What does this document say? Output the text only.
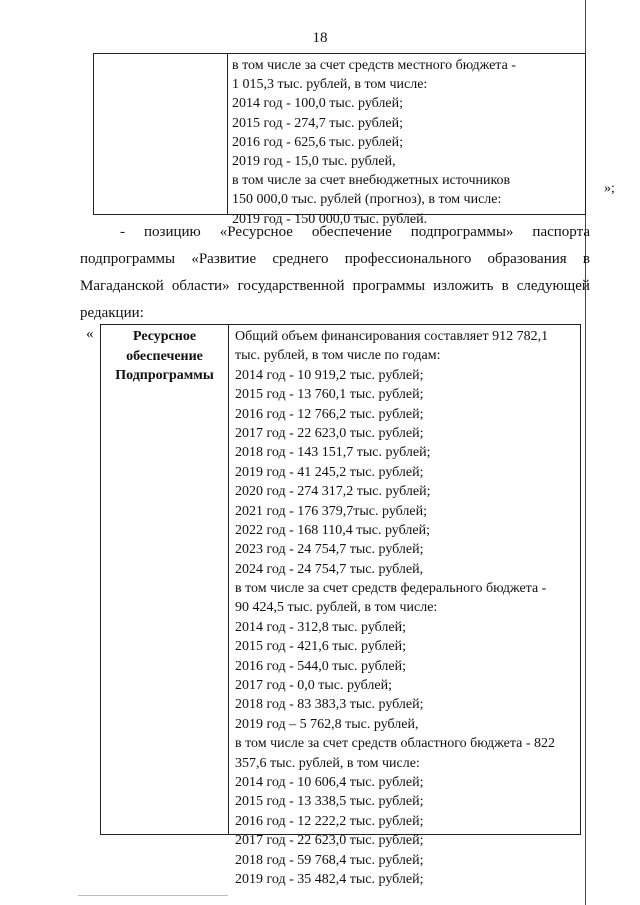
18
в том числе за счет средств местного бюджета -
1 015,3 тыс. рублей, в том числе:
2014 год - 100,0 тыс. рублей;
2015 год - 274,7 тыс. рублей;
2016 год - 625,6 тыс. рублей;
2019 год - 15,0 тыс. рублей,
в том числе за счет внебюджетных источников
150 000,0 тыс. рублей (прогноз), в том числе:
2019 год - 150 000,0 тыс. рублей.
»;
- позицию «Ресурсное обеспечение подпрограммы» паспорта
подпрограммы «Развитие среднего профессионального образования в
Магаданской области» государственной программы изложить в следующей
редакции:
«	Ресурсное
обеспечение
Подпрограммы
Общий объем финансирования составляет 912 782,1
тыс. рублей, в том числе по годам:
2014 год - 10 919,2 тыс. рублей;
2015 год - 13 760,1 тыс. рублей;
2016 год - 12 766,2 тыс. рублей;
2017 год - 22 623,0 тыс. рублей;
2018 год - 143 151,7 тыс. рублей;
2019 год - 41 245,2 тыс. рублей;
2020 год - 274 317,2 тыс. рублей;
2021 год - 176 379,7тыс. рублей;
2022 год - 168 110,4 тыс. рублей;
2023 год - 24 754,7 тыс. рублей;
2024 год - 24 754,7 тыс. рублей,
в том числе за счет средств федерального бюджета -
90 424,5 тыс. рублей, в том числе:
2014 год - 312,8 тыс. рублей;
2015 год - 421,6 тыс. рублей;
2016 год - 544,0 тыс. рублей;
2017 год - 0,0 тыс. рублей;
2018 год - 83 383,3 тыс. рублей;
2019 год – 5 762,8 тыс. рублей,
в том числе за счет средств областного бюджета - 822
357,6 тыс. рублей, в том числе:
2014 год - 10 606,4 тыс. рублей;
2015 год - 13 338,5 тыс. рублей;
2016 год - 12 222,2 тыс. рублей;
2017 год - 22 623,0 тыс. рублей;
2018 год - 59 768,4 тыс. рублей;
2019 год - 35 482,4 тыс. рублей;
